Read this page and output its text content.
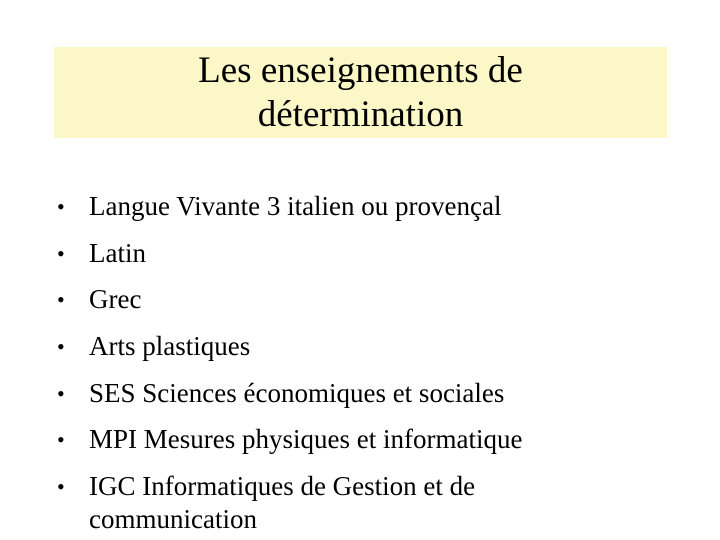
Les enseignements de
détermination
• Langue Vivante 3 italien ou provençal
• Latin
• Grec
• Arts plastiques
• SES Sciences économiques et sociales
• MPI Mesures physiques et informatique
• IGC Informatiques de Gestion et de communication
